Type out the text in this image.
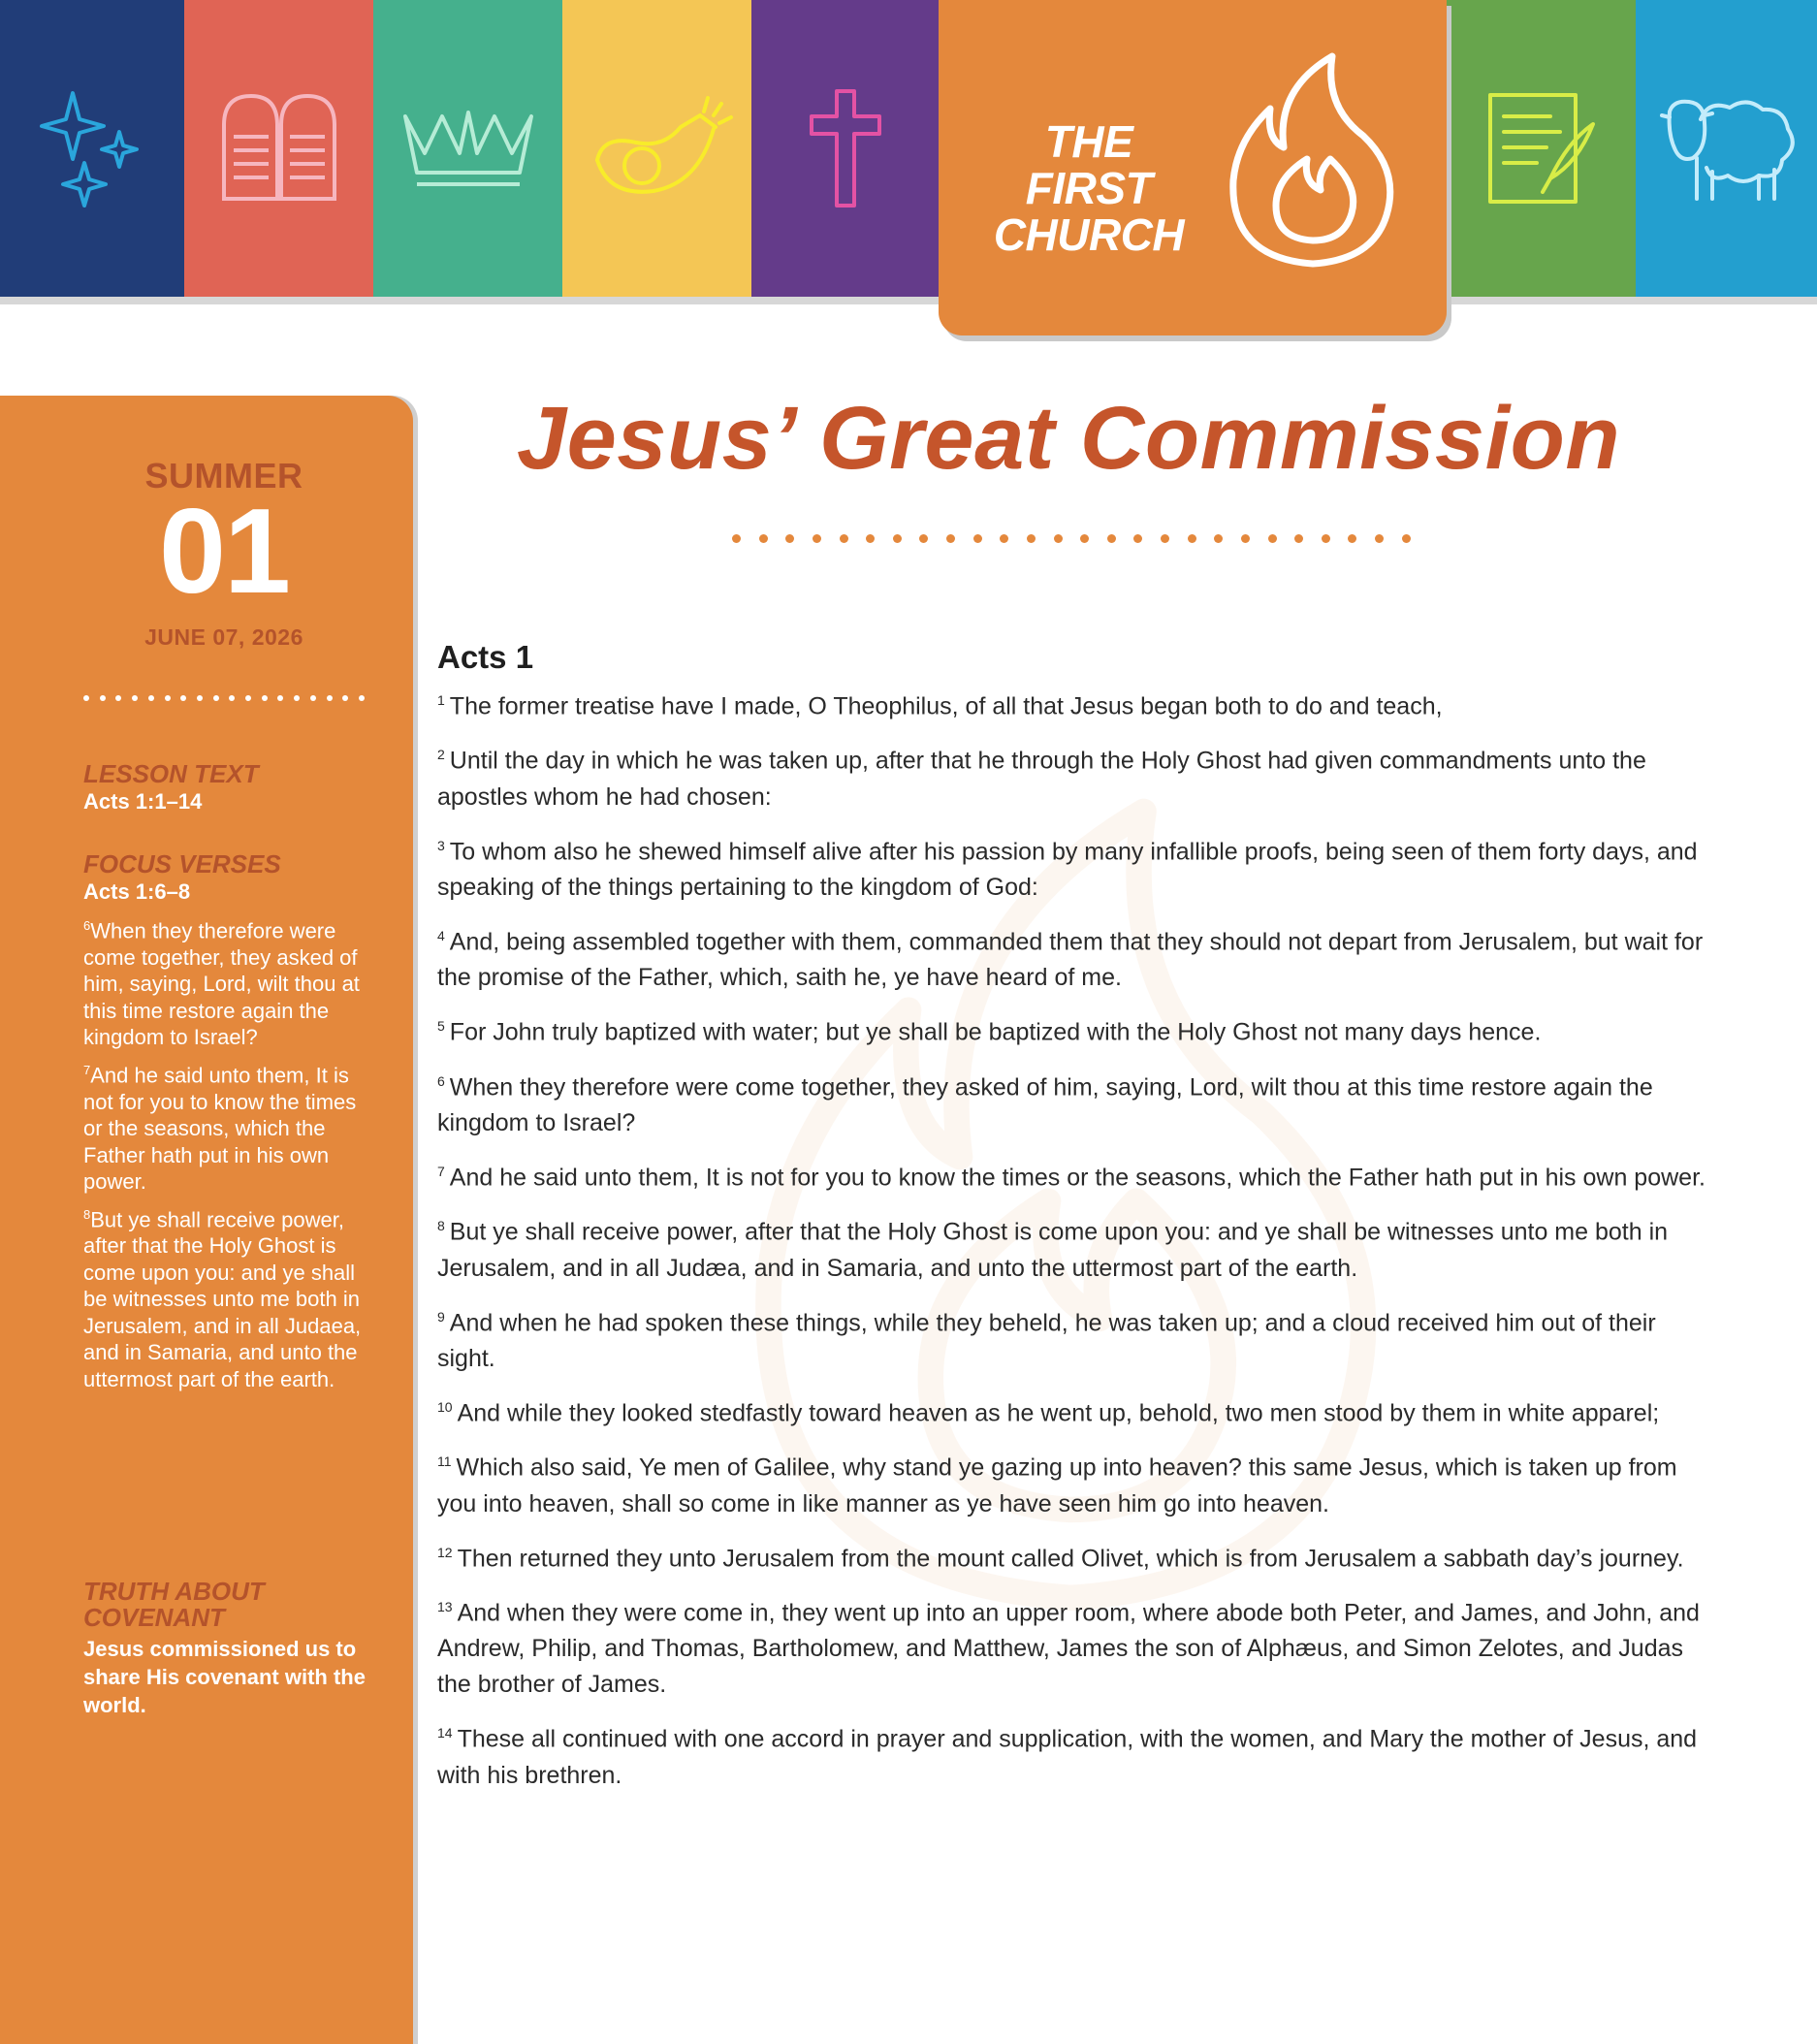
THE FIRST
CHURCH
SUMMER
01
JUNE 07, 2026
LESSON TEXT
Acts 1:1–14
FOCUS VERSES
Acts 1:6–8
$^6$When they therefore were come together, they asked of him, saying, Lord, wilt thou at this time restore again the kingdom to Israel?
$^7$And he said unto them, It is not for you to know the times or the seasons, which the Father hath put in his own power.
$^8$But ye shall receive power, after that the Holy Ghost is come upon you: and ye shall be witnesses unto me both in Jerusalem, and in all Judaea, and in Samaria, and unto the uttermost part of the earth.
TRUTH ABOUT COVENANT
Jesus commissioned us to share His covenant with the world.
Jesus’ Great Commission
Acts 1

$^1$ The former treatise have I made, O Theophilus, of all that Jesus began both to do and teach,

$^2$ Until the day in which he was taken up, after that he through the Holy Ghost had given commandments unto the apostles whom he had chosen:

$^3$ To whom also he shewed himself alive after his passion by many infallible proofs, being seen of them forty days, and speaking of the things pertaining to the kingdom of God:

$^4$ And, being assembled together with them, commanded them that they should not depart from Jerusalem, but wait for the promise of the Father, which, saith he, ye have heard of me.

$^5$ For John truly baptized with water; but ye shall be baptized with the Holy Ghost not many days hence.

$^6$ When they therefore were come together, they asked of him, saying, Lord, wilt thou at this time restore again the kingdom to Israel?

$^7$ And he said unto them, It is not for you to know the times or the seasons, which the Father hath put in his own power.

$^8$ But ye shall receive power, after that the Holy Ghost is come upon you: and ye shall be witnesses unto me both in Jerusalem, and in all Judæa, and in Samaria, and unto the uttermost part of the earth.

$^9$ And when he had spoken these things, while they beheld, he was taken up; and a cloud received him out of their sight.

$^{10}$ And while they looked stedfastly toward heaven as he went up, behold, two men stood by them in white apparel;

$^{11}$ Which also said, Ye men of Galilee, why stand ye gazing up into heaven? this same Jesus, which is taken up from you into heaven, shall so come in like manner as ye have seen him go into heaven.

$^{12}$ Then returned they unto Jerusalem from the mount called Olivet, which is from Jerusalem a sabbath day’s journey.

$^{13}$ And when they were come in, they went up into an upper room, where abode both Peter, and James, and John, and Andrew, Philip, and Thomas, Bartholomew, and Matthew, James the son of Alphæus, and Simon Zelotes, and Judas the brother of James.

$^{14}$ These all continued with one accord in prayer and supplication, with the women, and Mary the mother of Jesus, and with his brethren.
